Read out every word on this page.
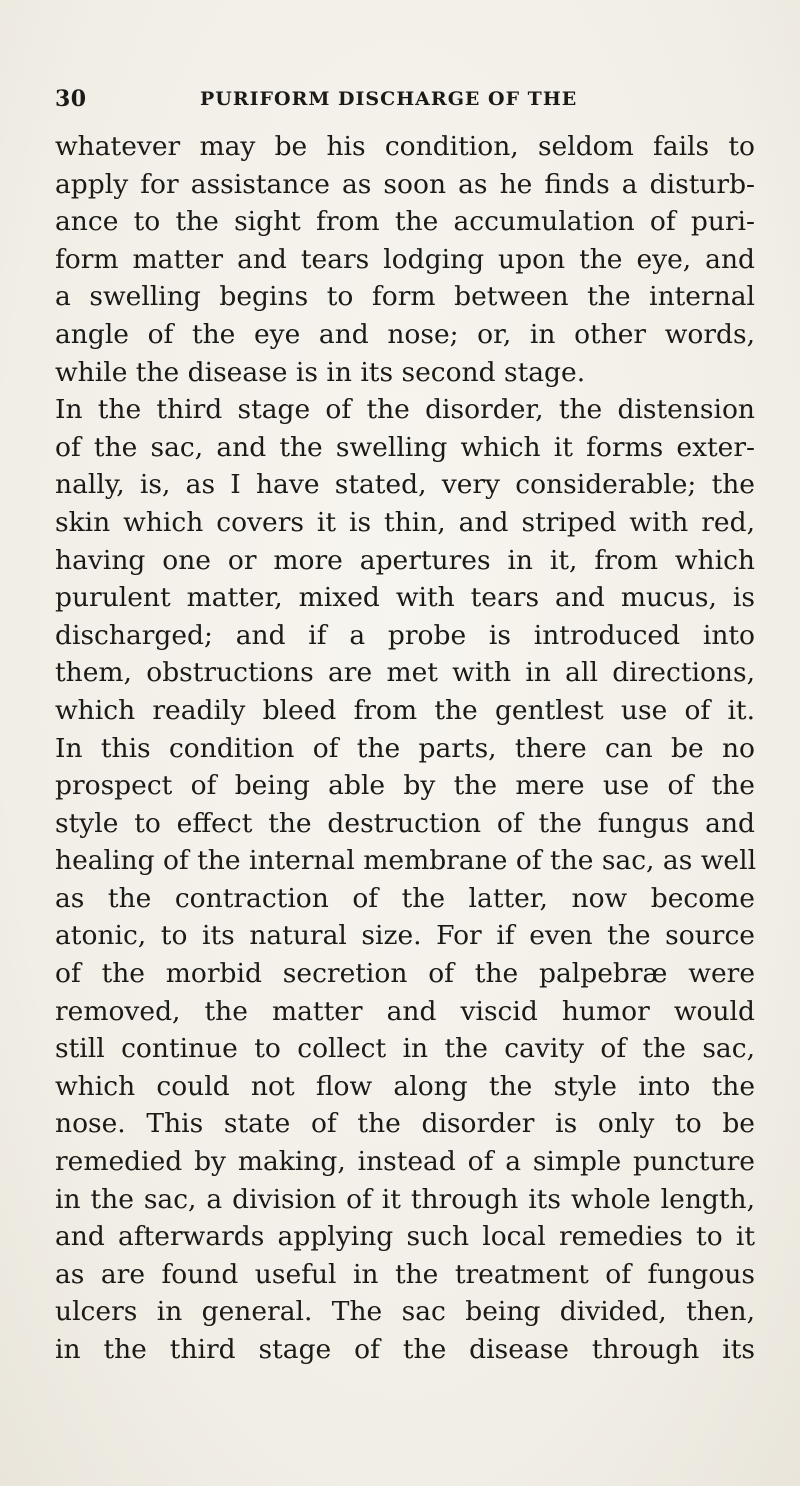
30	PURIFORM DISCHARGE OF THE
whatever may be his condition, seldom fails to
apply for assistance as soon as he finds a disturb-
ance to the sight from the accumulation of puri-
form matter and tears lodging upon the eye, and
a swelling begins to form between the internal
angle of the eye and nose; or, in other words,
while the disease is in its second stage.
In the third stage of the disorder, the distension
of the sac, and the swelling which it forms exter-
nally, is, as I have stated, very considerable; the
skin which covers it is thin, and striped with red,
having one or more apertures in it, from which
purulent matter, mixed with tears and mucus, is
discharged; and if a probe is introduced into
them, obstructions are met with in all directions,
which readily bleed from the gentlest use of it.
In this condition of the parts, there can be no
prospect of being able by the mere use of the
style to effect the destruction of the fungus and
healing of the internal membrane of the sac, as well
as the contraction of the latter, now become
atonic, to its natural size. For if even the source
of the morbid secretion of the palpebræ were
removed, the matter and viscid humor would
still continue to collect in the cavity of the sac,
which could not flow along the style into the
nose. This state of the disorder is only to be
remedied by making, instead of a simple puncture
in the sac, a division of it through its whole length,
and afterwards applying such local remedies to it
as are found useful in the treatment of fungous
ulcers in general. The sac being divided, then,
in the third stage of the disease through its
